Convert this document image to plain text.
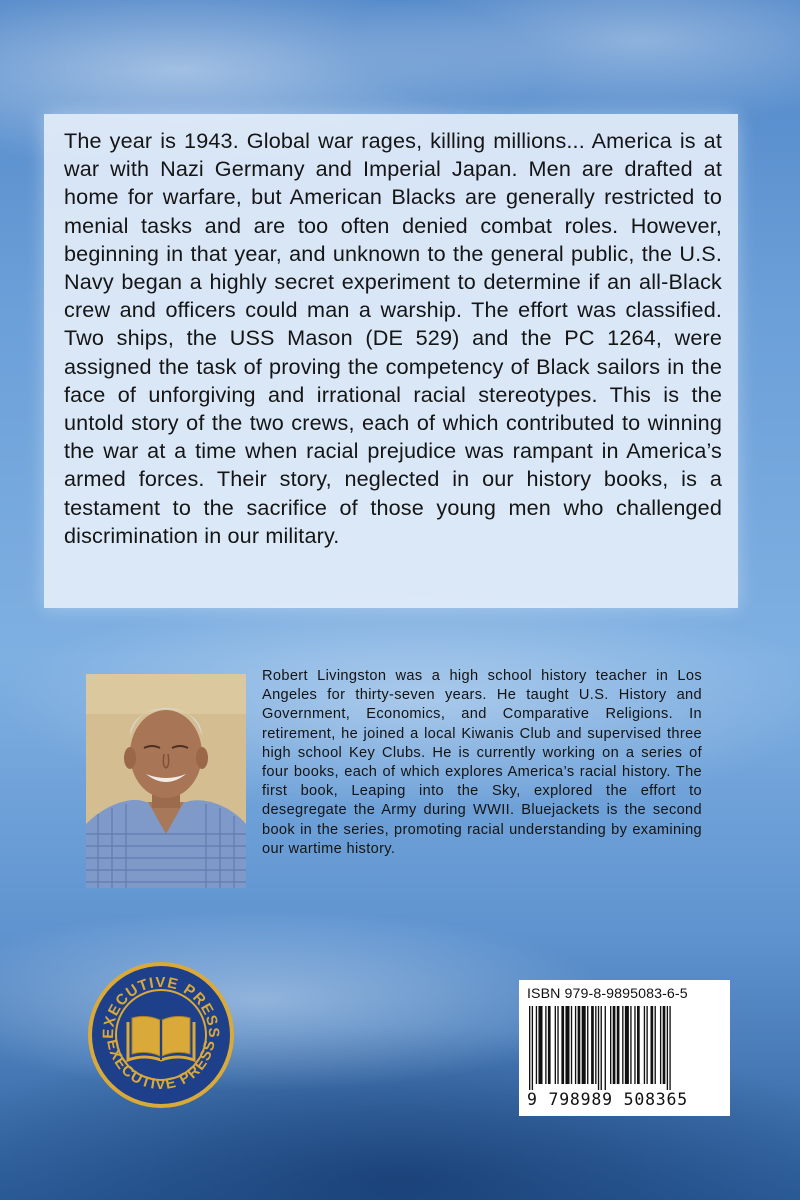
The year is 1943. Global war rages, killing millions... America is at war with Nazi Germany and Imperial Japan. Men are drafted at home for warfare, but American Blacks are generally restricted to menial tasks and are too often denied combat roles. However, beginning in that year, and unknown to the general public, the U.S. Navy began a highly secret experiment to determine if an all-Black crew and officers could man a warship. The effort was classified. Two ships, the USS Mason (DE 529) and the PC 1264, were assigned the task of proving the competency of Black sailors in the face of unforgiving and irrational racial stereotypes. This is the untold story of the two crews, each of which contributed to winning the war at a time when racial prejudice was rampant in America’s armed forces. Their story, neglected in our history books, is a testament to the sacrifice of those young men who challenged discrimination in our military.

Robert Livingston was a high school history teacher in Los Angeles for thirty-seven years. He taught U.S. History and Government, Economics, and Comparative Religions. In retirement, he joined a local Kiwanis Club and supervised three high school Key Clubs. He is currently working on a series of four books, each of which explores America’s racial history. The first book, Leaping into the Sky, explored the effort to desegregate the Army during WWII. Bluejackets is the second book in the series, promoting racial understanding by examining our wartime history.

EXECUTIVE PRESS
EXECUTIVE PRESS

ISBN 979-8-9895083-6-5

9 798989 508365
